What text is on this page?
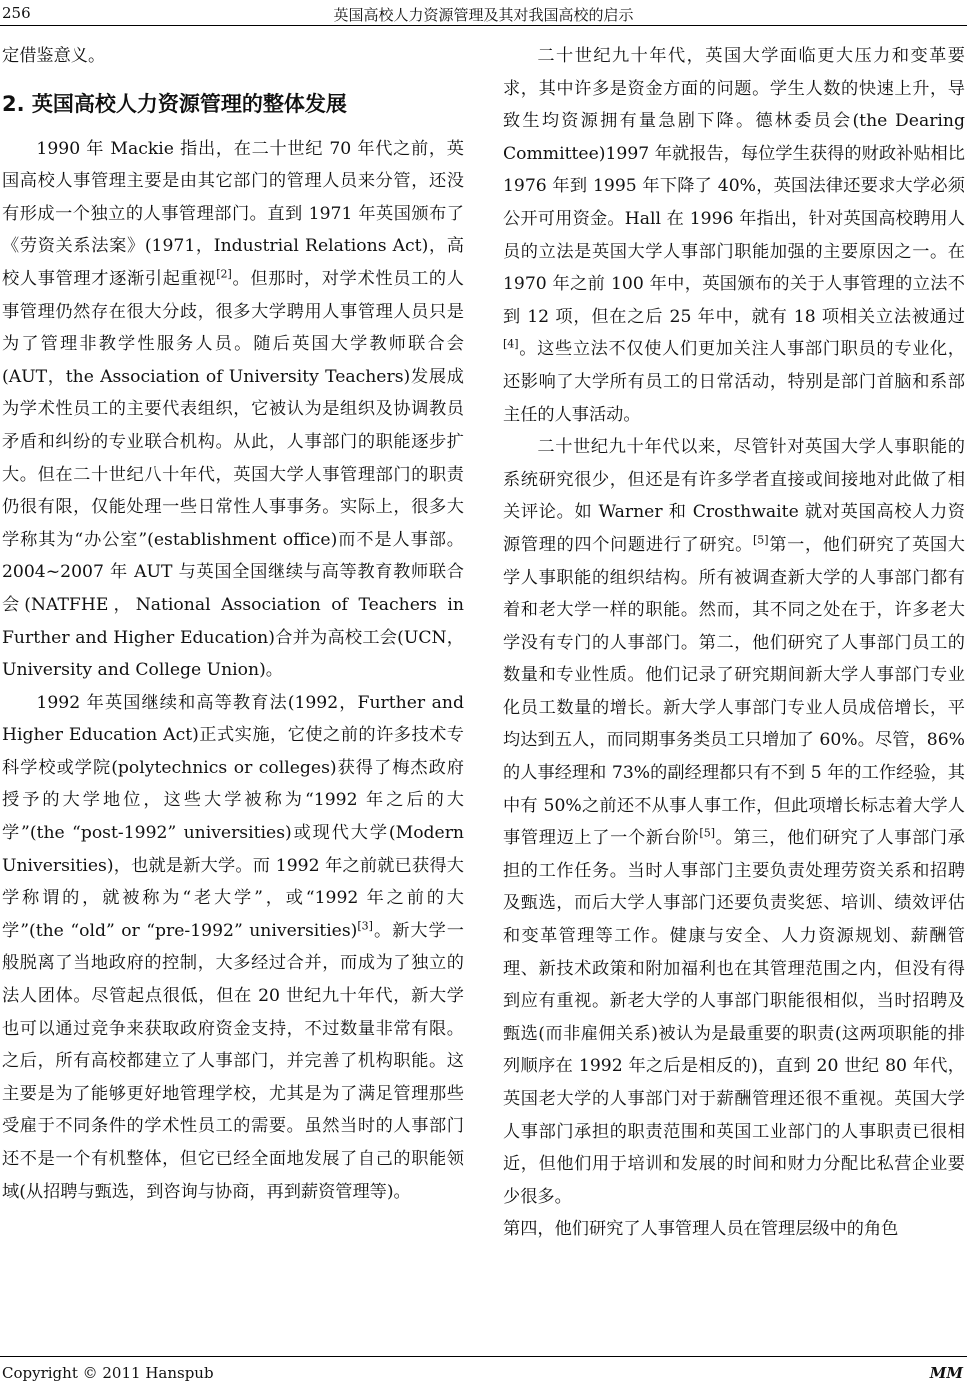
256	英国高校人力资源管理及其对我国高校的启示

定借鉴意义。

2. 英国高校人力资源管理的整体发展

1990 年 Mackie 指出，在二十世纪 70 年代之前，英国高校人事管理主要是由其它部门的管理人员来分管，还没有形成一个独立的人事管理部门。直到 1971 年英国颁布了《劳资关系法案》(1971，Industrial Relations Act)，高校人事管理才逐渐引起重视[2]。但那时，对学术性员工的人事管理仍然存在很大分歧，很多大学聘用人事管理人员只是为了管理非教学性服务人员。随后英国大学教师联合会(AUT，the Association of University Teachers)发展成为学术性员工的主要代表组织，它被认为是组织及协调教员矛盾和纠纷的专业联合机构。从此，人事部门的职能逐步扩大。但在二十世纪八十年代，英国大学人事管理部门的职责仍很有限，仅能处理一些日常性人事事务。实际上，很多大学称其为“办公室”(establishment office)而不是人事部。2004~2007 年 AUT 与英国全国继续与高等教育教师联合会(NATFHE，National Association of Teachers in Further and Higher Education)合并为高校工会(UCN，University and College Union)。

1992 年英国继续和高等教育法(1992，Further and Higher Education Act)正式实施，它使之前的许多技术专科学校或学院(polytechnics or colleges)获得了梅杰政府授予的大学地位，这些大学被称为“1992 年之后的大学”(the “post-1992” universities)或现代大学(Modern Universities)，也就是新大学。而 1992 年之前就已获得大学称谓的，就被称为“老大学”，或“1992 年之前的大学”(the “old” or “pre-1992” universities)[3]。新大学一般脱离了当地政府的控制，大多经过合并，而成为了独立的法人团体。尽管起点很低，但在 20 世纪九十年代，新大学也可以通过竞争来获取政府资金支持，不过数量非常有限。之后，所有高校都建立了人事部门，并完善了机构职能。这主要是为了能够更好地管理学校，尤其是为了满足管理那些受雇于不同条件的学术性员工的需要。虽然当时的人事部门还不是一个有机整体，但它已经全面地发展了自己的职能领域(从招聘与甄选，到咨询与协商，再到薪资管理等)。

二十世纪九十年代，英国大学面临更大压力和变革要求，其中许多是资金方面的问题。学生人数的快速上升，导致生均资源拥有量急剧下降。德林委员会(the Dearing Committee)1997 年就报告，每位学生获得的财政补贴相比 1976 年到 1995 年下降了 40%，英国法律还要求大学必须公开可用资金。Hall 在 1996 年指出，针对英国高校聘用人员的立法是英国大学人事部门职能加强的主要原因之一。在 1970 年之前 100 年中，英国颁布的关于人事管理的立法不到 12 项，但在之后 25 年中，就有 18 项相关立法被通过[4]。这些立法不仅使人们更加关注人事部门职员的专业化，还影响了大学所有员工的日常活动，特别是部门首脑和系部主任的人事活动。

二十世纪九十年代以来，尽管针对英国大学人事职能的系统研究很少，但还是有许多学者直接或间接地对此做了相关评论。如 Warner 和 Crosthwaite 就对英国高校人力资源管理的四个问题进行了研究。[5]第一，他们研究了英国大学人事职能的组织结构。所有被调查新大学的人事部门都有着和老大学一样的职能。然而，其不同之处在于，许多老大学没有专门的人事部门。第二，他们研究了人事部门员工的数量和专业性质。他们记录了研究期间新大学人事部门专业化员工数量的增长。新大学人事部门专业人员成倍增长，平均达到五人，而同期事务类员工只增加了 60%。尽管，86%的人事经理和 73%的副经理都只有不到 5 年的工作经验，其中有 50%之前还不从事人事工作，但此项增长标志着大学人事管理迈上了一个新台阶[5]。第三，他们研究了人事部门承担的工作任务。当时人事部门主要负责处理劳资关系和招聘及甄选，而后大学人事部门还要负责奖惩、培训、绩效评估和变革管理等工作。健康与安全、人力资源规划、薪酬管理、新技术政策和附加福利也在其管理范围之内，但没有得到应有重视。新老大学的人事部门职能很相似，当时招聘及甄选(而非雇佣关系)被认为是最重要的职责(这两项职能的排列顺序在 1992 年之后是相反的)，直到 20 世纪 80 年代，英国老大学的人事部门对于薪酬管理还很不重视。英国大学人事部门承担的职责范围和英国工业部门的人事职责已很相近，但他们用于培训和发展的时间和财力分配比私营企业要少很多。

第四，他们研究了人事管理人员在管理层级中的角色

Copyright © 2011 Hanspub	MM
